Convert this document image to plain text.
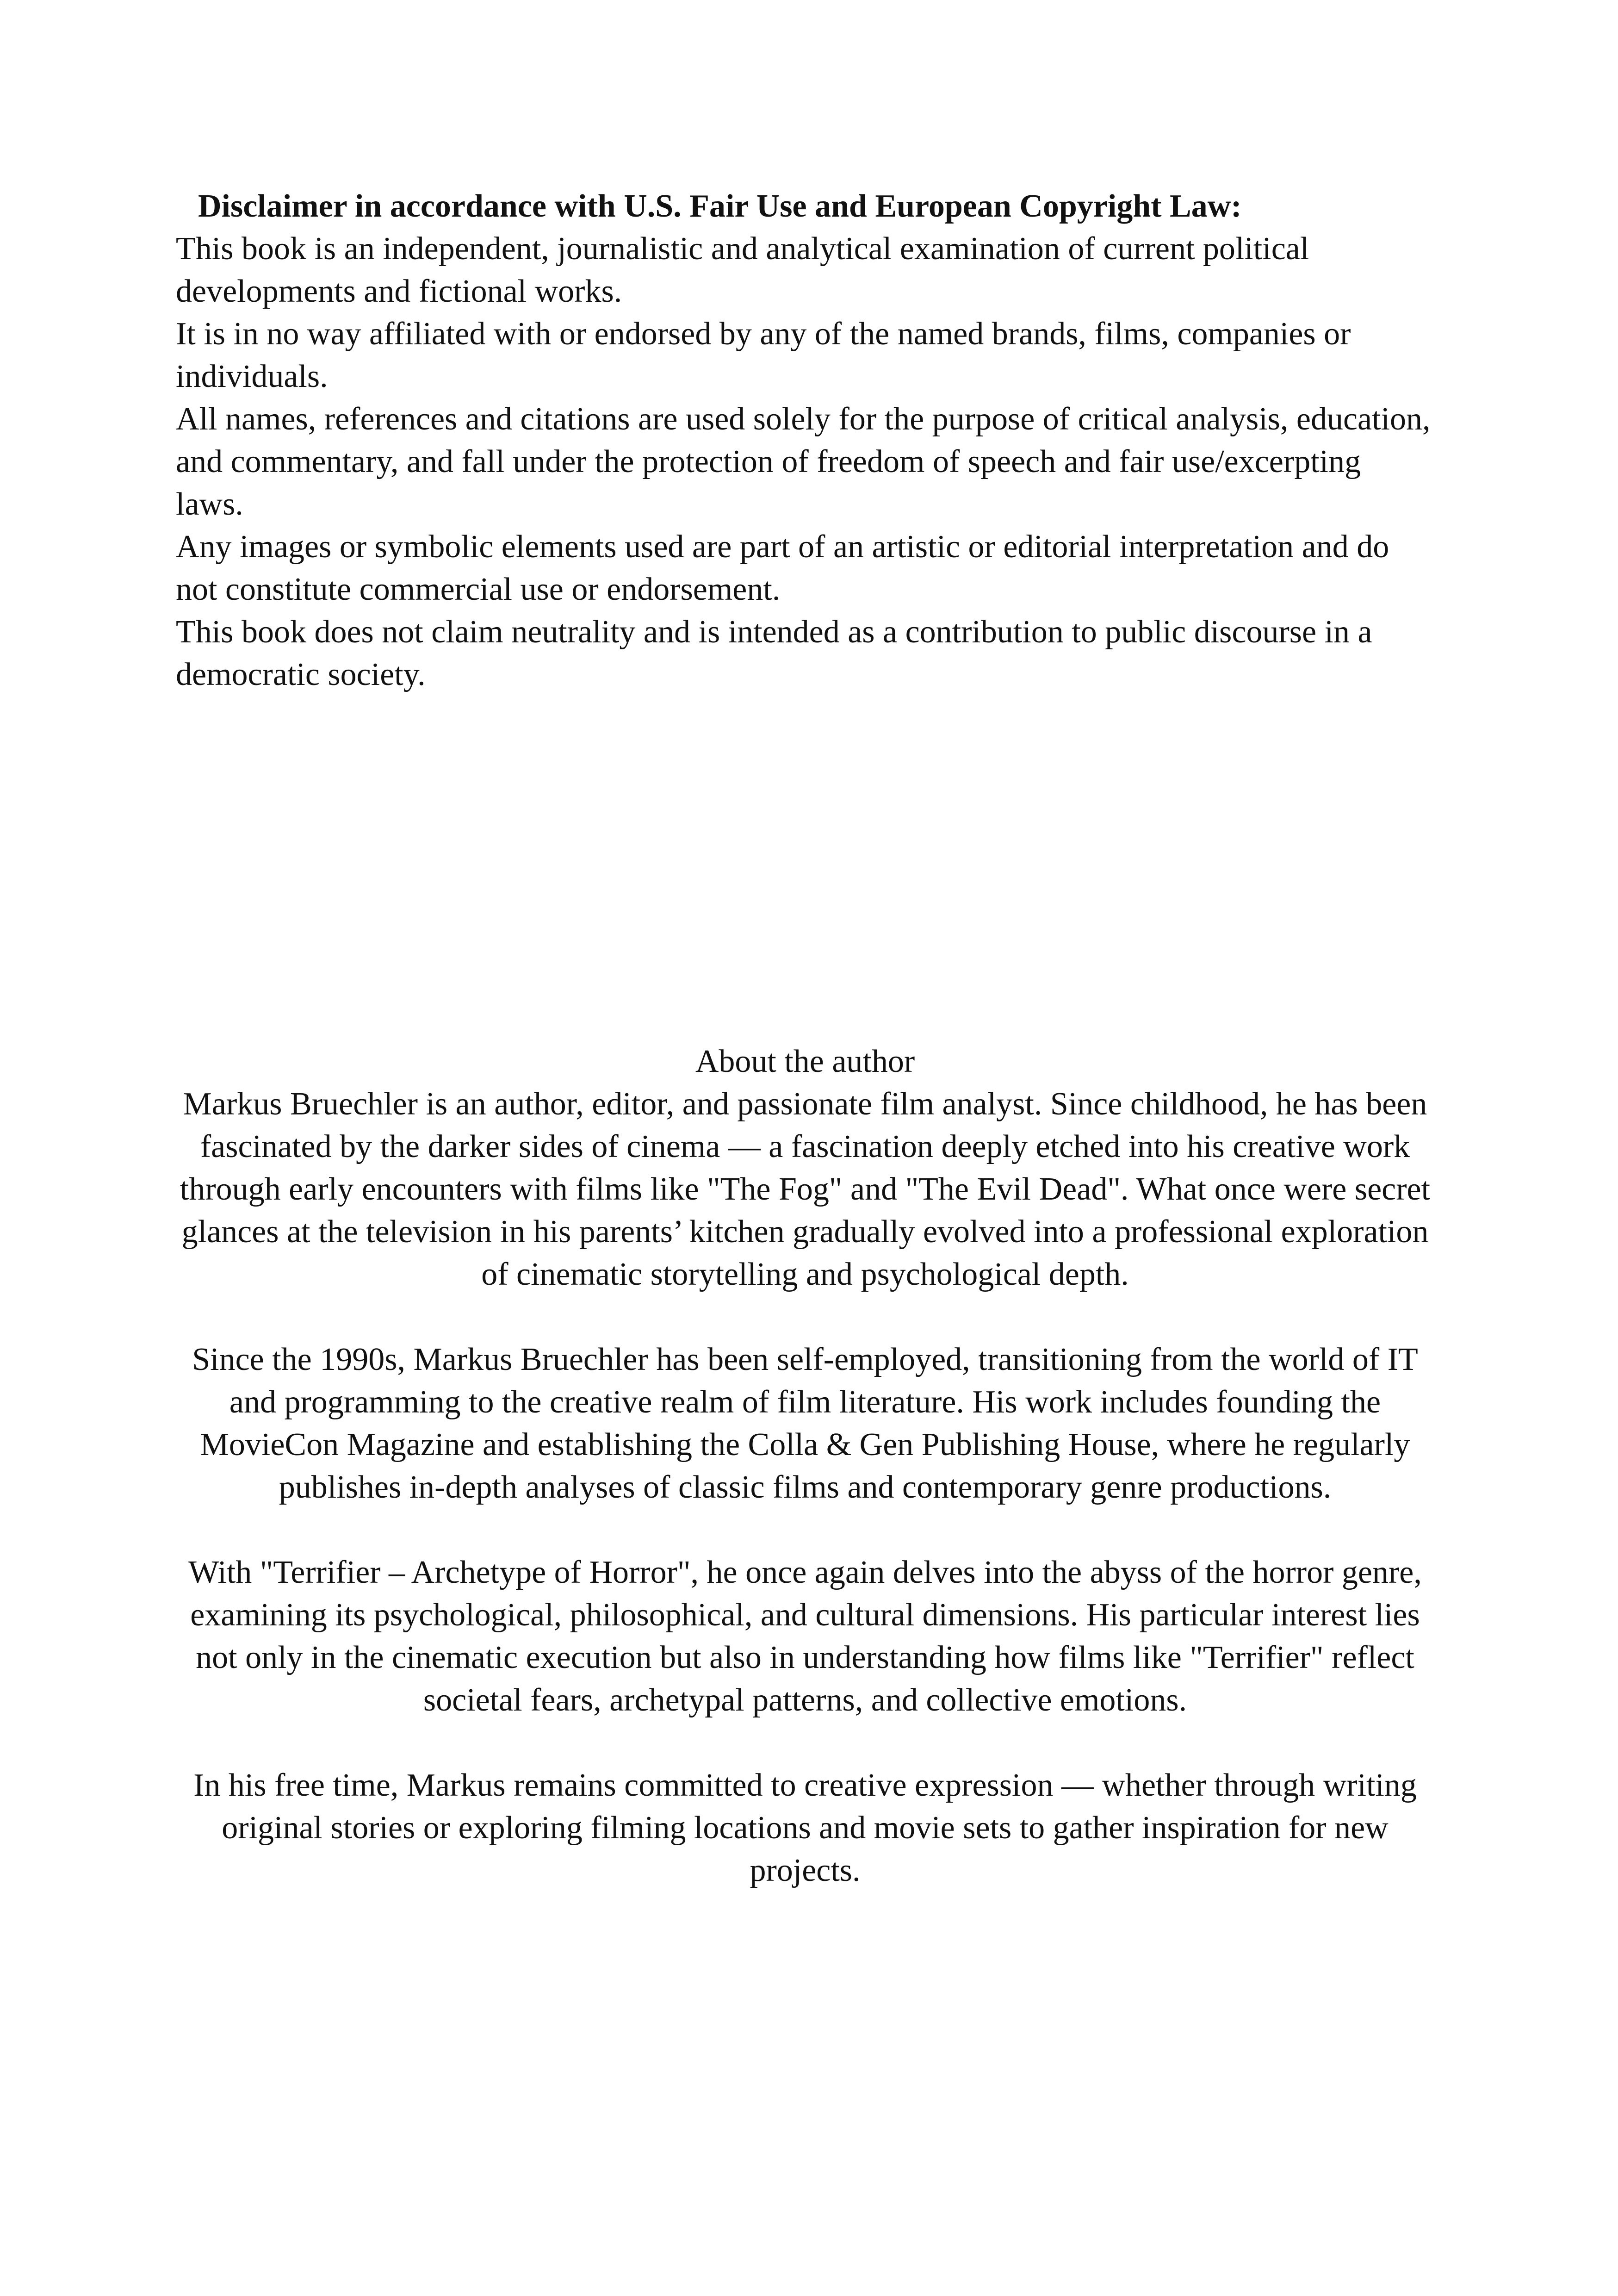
Disclaimer in accordance with U.S. Fair Use and European Copyright Law:

This book is an independent, journalistic and analytical examination of current political developments and fictional works.

It is in no way affiliated with or endorsed by any of the named brands, films, companies or individuals.

All names, references and citations are used solely for the purpose of critical analysis, education, and commentary, and fall under the protection of freedom of speech and fair use/excerpting laws.

Any images or symbolic elements used are part of an artistic or editorial interpretation and do not constitute commercial use or endorsement.

This book does not claim neutrality and is intended as a contribution to public discourse in a democratic society.

About the author

Markus Bruechler is an author, editor, and passionate film analyst. Since childhood, he has been fascinated by the darker sides of cinema — a fascination deeply etched into his creative work through early encounters with films like "The Fog" and "The Evil Dead". What once were secret glances at the television in his parents’ kitchen gradually evolved into a professional exploration of cinematic storytelling and psychological depth.

Since the 1990s, Markus Bruechler has been self-employed, transitioning from the world of IT and programming to the creative realm of film literature. His work includes founding the MovieCon Magazine and establishing the Colla & Gen Publishing House, where he regularly publishes in-depth analyses of classic films and contemporary genre productions.

With "Terrifier – Archetype of Horror", he once again delves into the abyss of the horror genre, examining its psychological, philosophical, and cultural dimensions. His particular interest lies not only in the cinematic execution but also in understanding how films like "Terrifier" reflect societal fears, archetypal patterns, and collective emotions.

In his free time, Markus remains committed to creative expression — whether through writing original stories or exploring filming locations and movie sets to gather inspiration for new projects.
